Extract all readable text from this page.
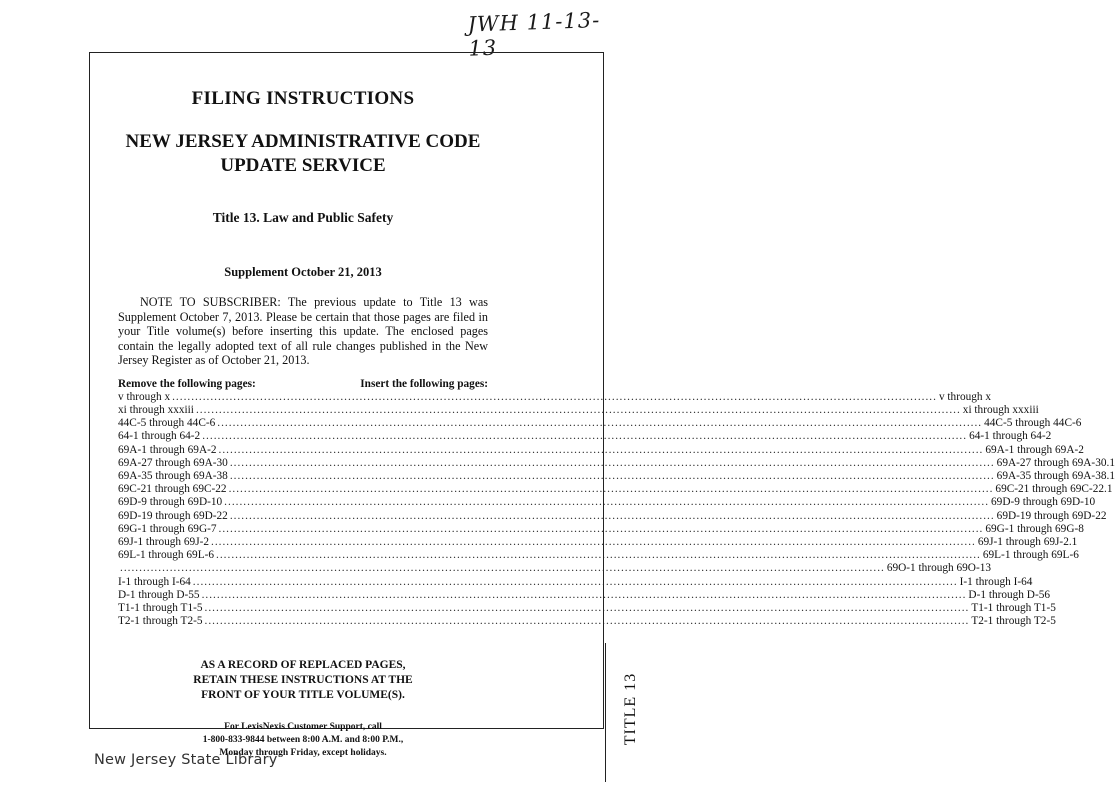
JWH 11-13-13
TITLE 13

FILING INSTRUCTIONS

NEW JERSEY ADMINISTRATIVE CODE
UPDATE SERVICE

Title 13. Law and Public Safety

Supplement October 21, 2013

NOTE TO SUBSCRIBER: The previous update to Title 13 was Supplement October 7, 2013. Please be certain that those pages are filed in your Title volume(s) before inserting this update. The enclosed pages contain the legally adopted text of all rule changes published in the New Jersey Register as of October 21, 2013.

Remove the following pages:	Insert the following pages:
v through x ........................................................................................................................................................................................................ v through x
xi through xxxiii ........................................................................................................................................................................................................ xi through xxxiii
44C-5 through 44C-6 ........................................................................................................................................................................................................ 44C-5 through 44C-6
64-1 through 64-2 ........................................................................................................................................................................................................ 64-1 through 64-2
69A-1 through 69A-2 ........................................................................................................................................................................................................ 69A-1 through 69A-2
69A-27 through 69A-30 ........................................................................................................................................................................................................ 69A-27 through 69A-30.1
69A-35 through 69A-38 ........................................................................................................................................................................................................ 69A-35 through 69A-38.1
69C-21 through 69C-22 ........................................................................................................................................................................................................ 69C-21 through 69C-22.1
69D-9 through 69D-10 ........................................................................................................................................................................................................ 69D-9 through 69D-10
69D-19 through 69D-22 ........................................................................................................................................................................................................ 69D-19 through 69D-22
69G-1 through 69G-7 ........................................................................................................................................................................................................ 69G-1 through 69G-8
69J-1 through 69J-2 ........................................................................................................................................................................................................ 69J-1 through 69J-2.1
69L-1 through 69L-6 ........................................................................................................................................................................................................ 69L-1 through 69L-6
........................................................................................................................................................................................................ 69O-1 through 69O-13
I-1 through I-64 ........................................................................................................................................................................................................ I-1 through I-64
D-1 through D-55 ........................................................................................................................................................................................................ D-1 through D-56
T1-1 through T1-5 ........................................................................................................................................................................................................ T1-1 through T1-5
T2-1 through T2-5 ........................................................................................................................................................................................................ T2-1 through T2-5

AS A RECORD OF REPLACED PAGES,
RETAIN THESE INSTRUCTIONS AT THE
FRONT OF YOUR TITLE VOLUME(S).

For LexisNexis Customer Support, call
1-800-833-9844 between 8:00 A.M. and 8:00 P.M.,
Monday through Friday, except holidays.

New Jersey State Library
